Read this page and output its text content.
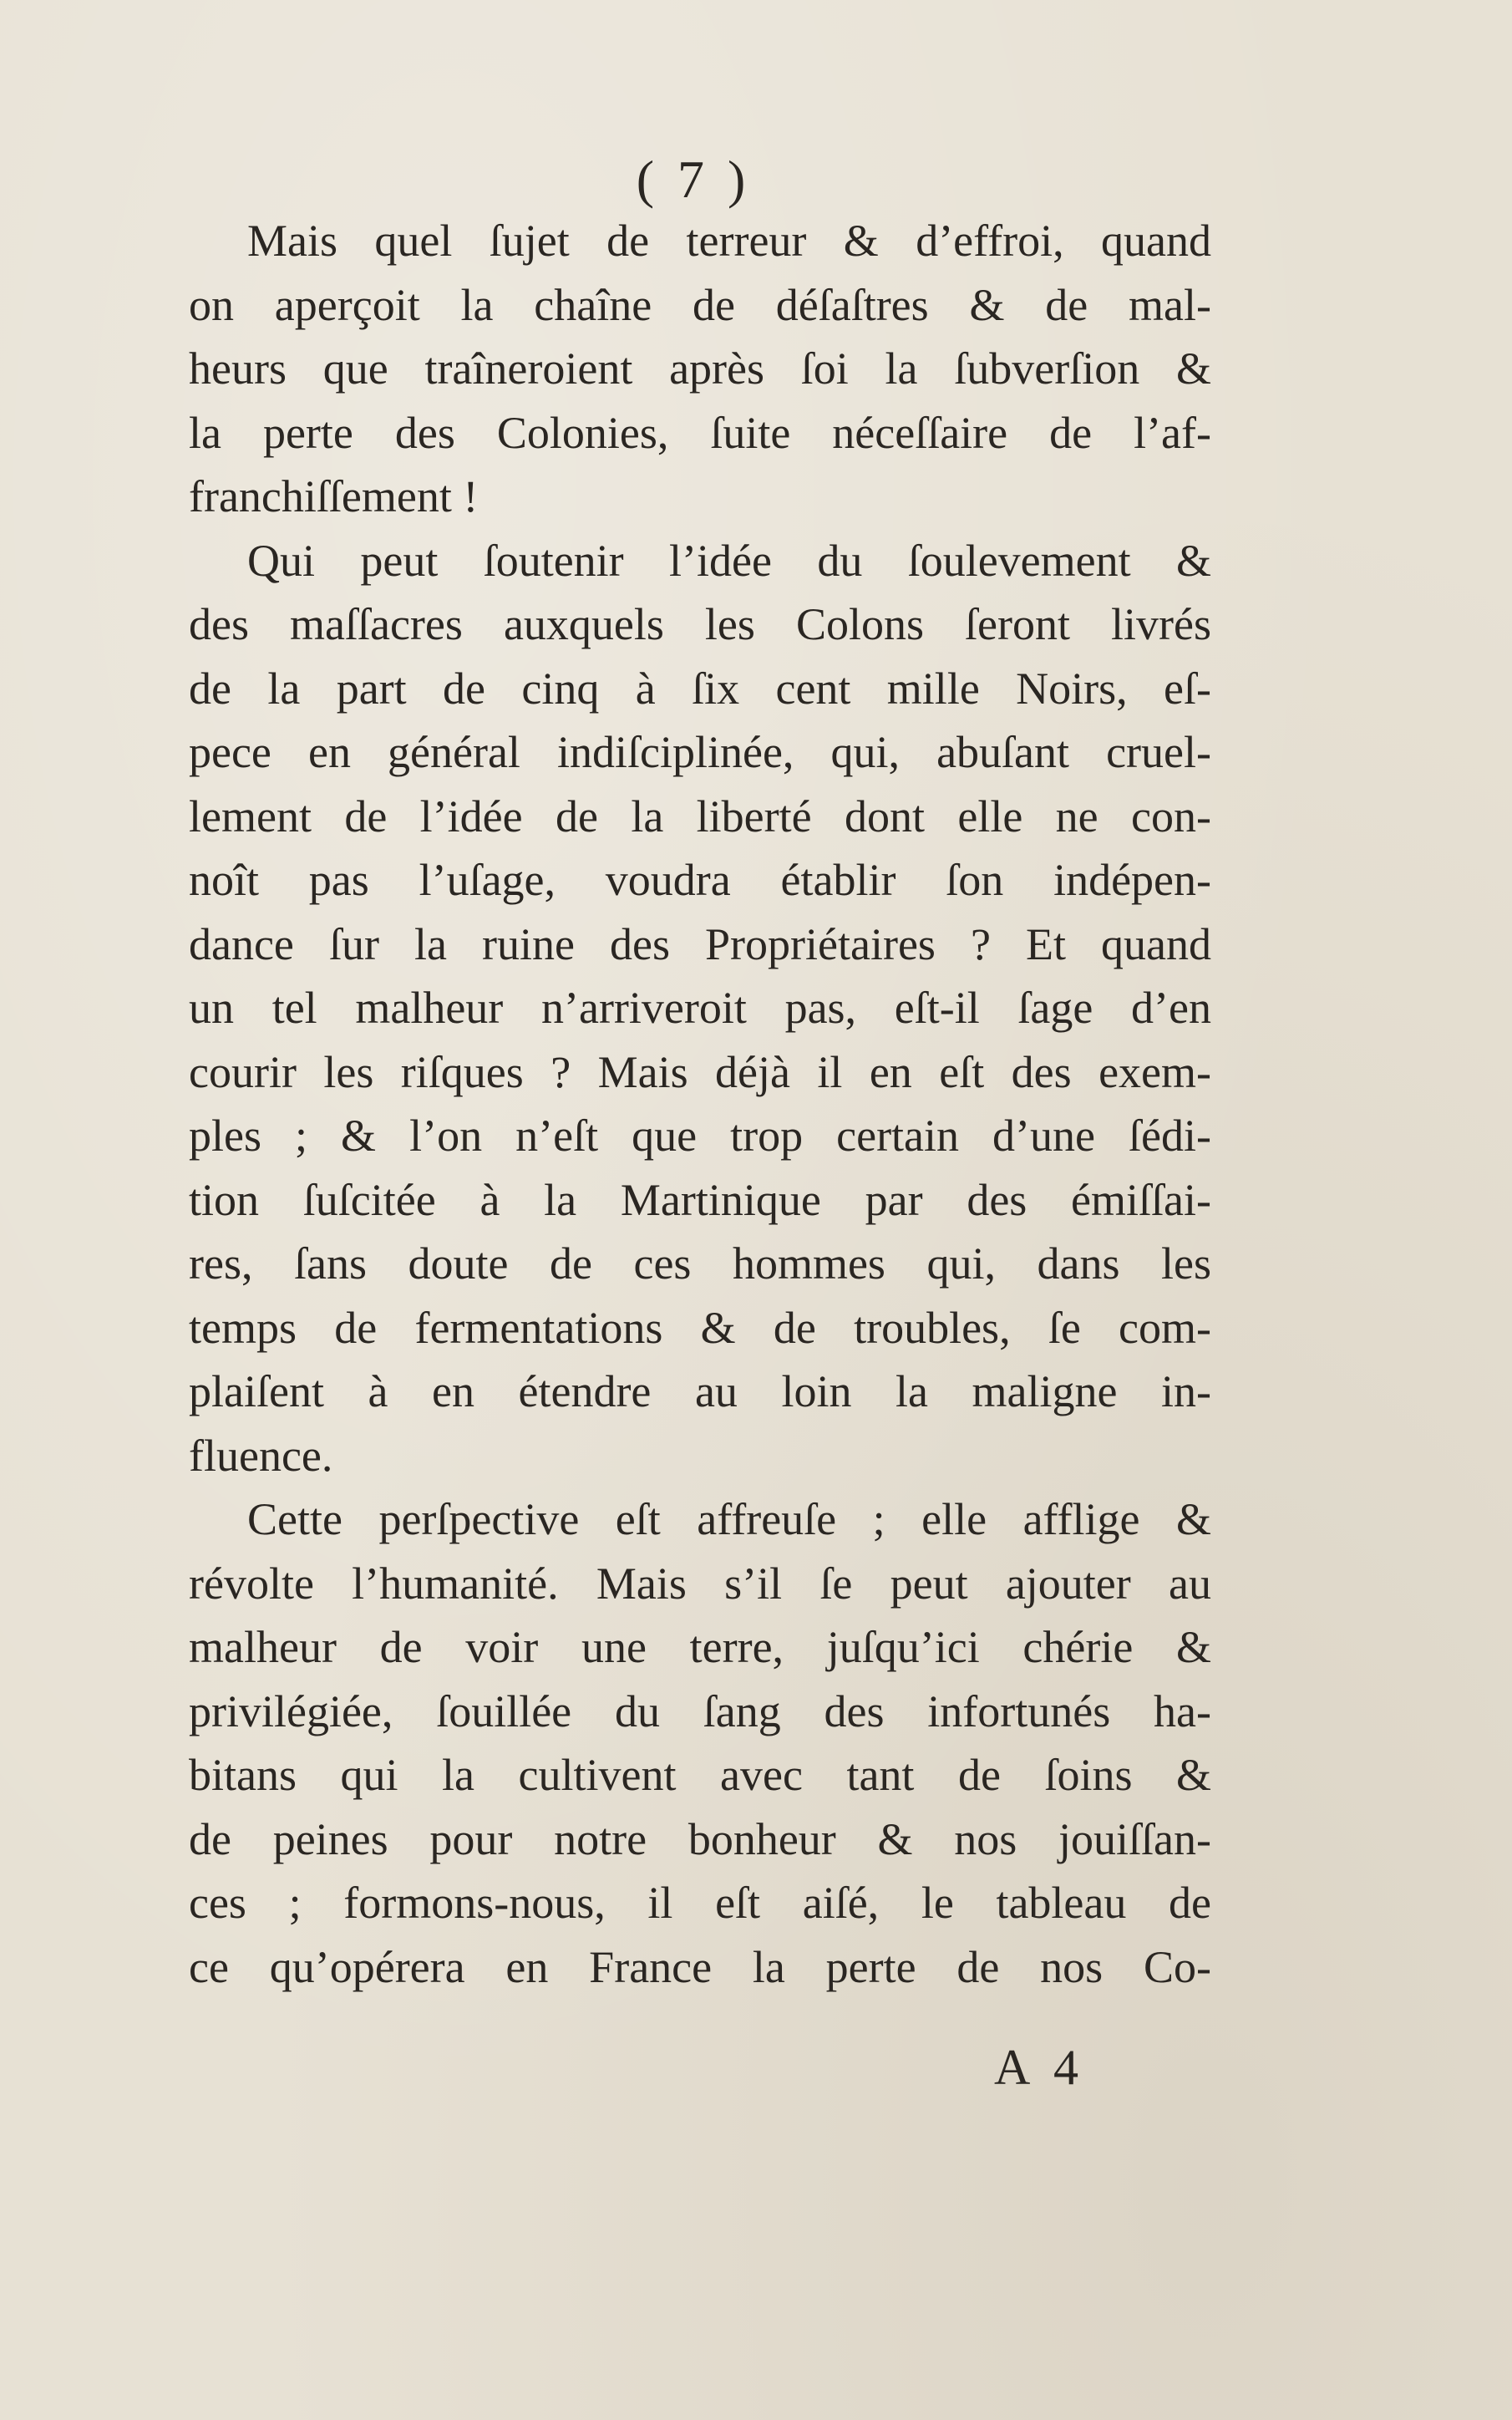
( 7 )
Mais quel ſujet de terreur & d’effroi, quand
on aperçoit la chaîne de déſaſtres & de mal-
heurs que traîneroient après ſoi la ſubverſion &
la perte des Colonies, ſuite néceſſaire de l’af-
franchiſſement !
Qui peut ſoutenir l’idée du ſoulevement &
des maſſacres auxquels les Colons ſeront livrés
de la part de cinq à ſix cent mille Noirs, eſ-
pece en général indiſciplinée, qui, abuſant cruel-
lement de l’idée de la liberté dont elle ne con-
noît pas l’uſage, voudra établir ſon indépen-
dance ſur la ruine des Propriétaires ? Et quand
un tel malheur n’arriveroit pas, eſt-il ſage d’en
courir les riſques ? Mais déjà il en eſt des exem-
ples ; & l’on n’eſt que trop certain d’une ſédi-
tion ſuſcitée à la Martinique par des émiſſai-
res, ſans doute de ces hommes qui, dans les
temps de fermentations & de troubles, ſe com-
plaiſent à en étendre au loin la maligne in-
fluence.
Cette perſpective eſt affreuſe ; elle afflige &
révolte l’humanité. Mais s’il ſe peut ajouter au
malheur de voir une terre, juſqu’ici chérie &
privilégiée, ſouillée du ſang des infortunés ha-
bitans qui la cultivent avec tant de ſoins &
de peines pour notre bonheur & nos jouiſſan-
ces ; formons-nous, il eſt aiſé, le tableau de
ce qu’opérera en France la perte de nos Co-
A 4
